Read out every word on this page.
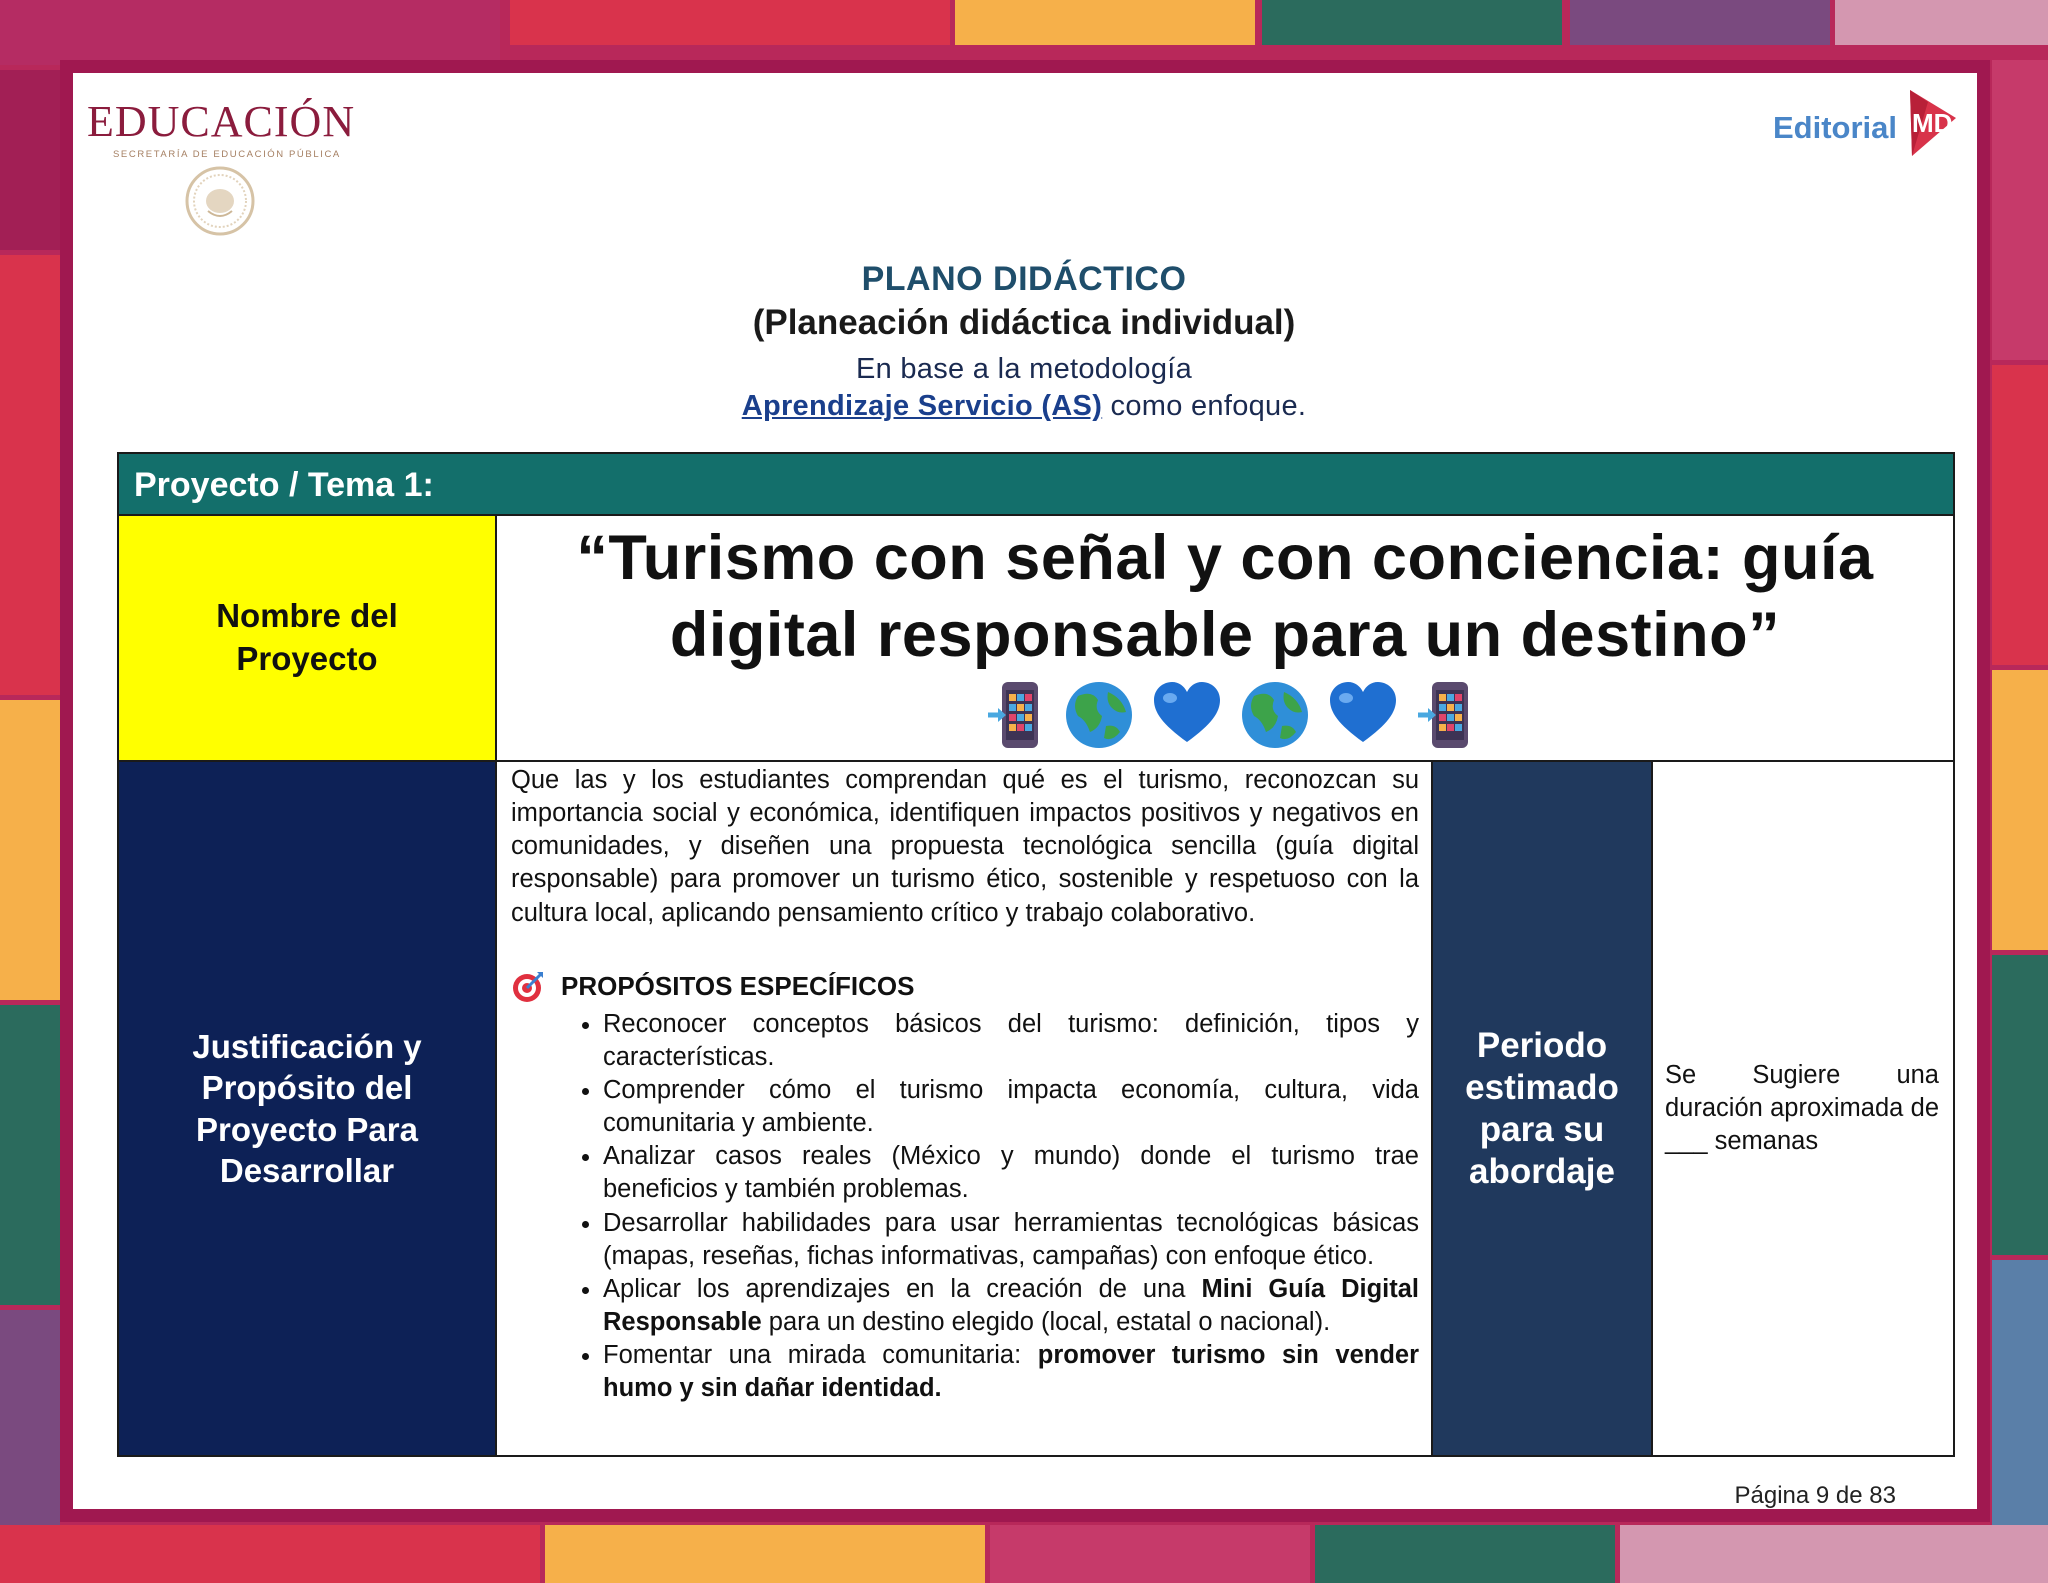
EDUCACIÓN
SECRETARÍA DE EDUCACIÓN PÚBLICA
Editorial MD
PLANO DIDÁCTICO
(Planeación didáctica individual)
En base a la metodología
Aprendizaje Servicio (AS) como enfoque.
Proyecto / Tema 1:
Nombre del
Proyecto
“Turismo con señal y con conciencia: guía
digital responsable para un destino”
Justificación y
Propósito del
Proyecto Para
Desarrollar

Que las y los estudiantes comprendan qué es el turismo, reconozcan su importancia social y económica, identifiquen impactos positivos y negativos en comunidades, y diseñen una propuesta tecnológica sencilla (guía digital responsable) para promover un turismo ético, sostenible y respetuoso con la cultura local, aplicando pensamiento crítico y trabajo colaborativo.

PROPÓSITOS ESPECÍFICOS
• Reconocer conceptos básicos del turismo: definición, tipos y características.
• Comprender cómo el turismo impacta economía, cultura, vida comunitaria y ambiente.
• Analizar casos reales (México y mundo) donde el turismo trae beneficios y también problemas.
• Desarrollar habilidades para usar herramientas tecnológicas básicas (mapas, reseñas, fichas informativas, campañas) con enfoque ético.
• Aplicar los aprendizajes en la creación de una Mini Guía Digital Responsable para un destino elegido (local, estatal o nacional).
• Fomentar una mirada comunitaria: promover turismo sin vender humo y sin dañar identidad.
Periodo
estimado
para su
abordaje

Se Sugiere una duración aproximada de ___ semanas

Página 9 de 83
